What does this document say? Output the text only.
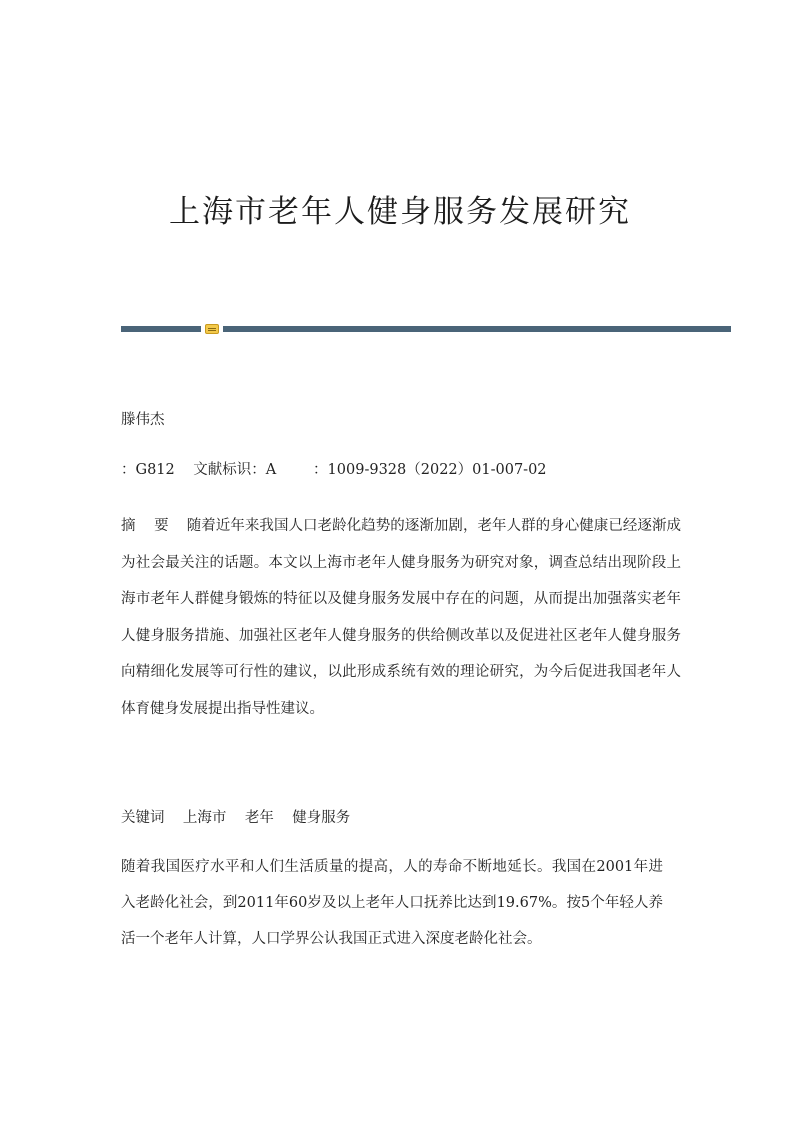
上海市老年人健身服务发展研究
滕伟杰
：G812    文献标识：A        ：1009-9328（2022）01-007-02
摘    要 随着近年来我国人口老龄化趋势的逐渐加剧，老年人群的身心健康已经逐渐成为社会最关注的话题。本文以上海市老年人健身服务为研究对象，调查总结出现阶段上海市老年人群健身锻炼的特征以及健身服务发展中存在的问题，从而提出加强落实老年人健身服务措施、加强社区老年人健身服务的供给侧改革以及促进社区老年人健身服务向精细化发展等可行性的建议，以此形成系统有效的理论研究，为今后促进我国老年人体育健身发展提出指导性建议。
关键词    上海市    老年    健身服务
随着我国医疗水平和人们生活质量的提高，人的寿命不断地延长。我国在2001年进入老龄化社会，到2011年60岁及以上老年人口抚养比达到19.67%。按5个年轻人养活一个老年人计算，人口学界公认我国正式进入深度老龄化社会。
